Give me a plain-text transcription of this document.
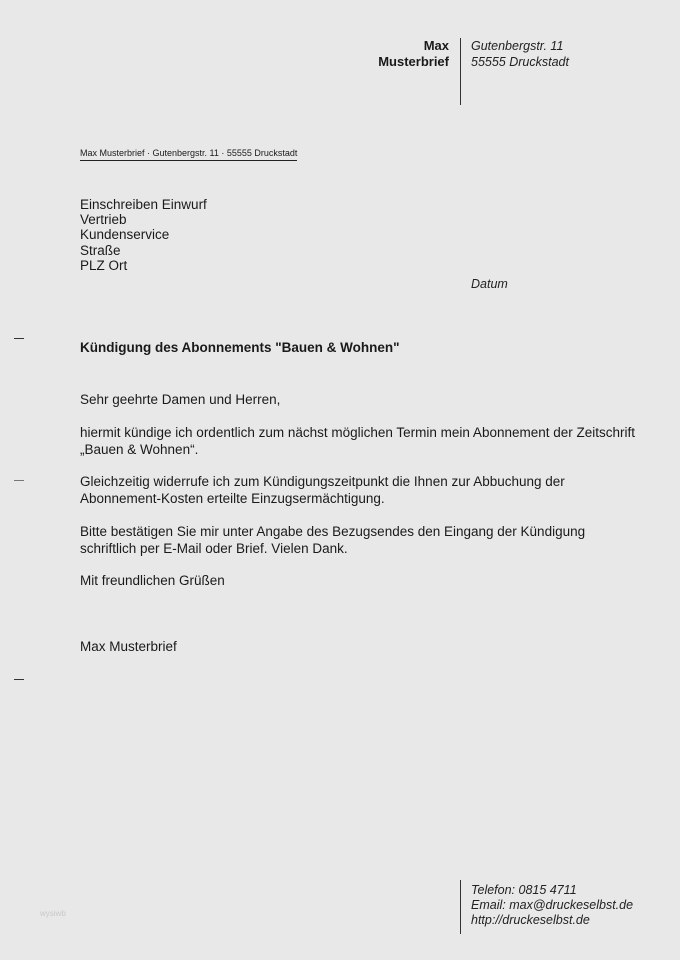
Max
Musterbrief
Gutenbergstr. 11
55555 Druckstadt
Max Musterbrief · Gutenbergstr. 11 · 55555 Druckstadt
Einschreiben Einwurf
Vertrieb
Kundenservice
Straße
PLZ Ort
Datum
Kündigung des Abonnements "Bauen & Wohnen"
Sehr geehrte Damen und Herren,
hiermit kündige ich ordentlich zum nächst möglichen Termin mein Abonnement der Zeitschrift „Bauen & Wohnen“.
Gleichzeitig widerrufe ich zum Kündigungszeitpunkt die Ihnen zur Abbuchung der Abonnement-Kosten erteilte Einzugsermächtigung.
Bitte bestätigen Sie mir unter Angabe des Bezugsendes den Eingang der Kündigung schriftlich per E-Mail oder Brief. Vielen Dank.
Mit freundlichen Grüßen
Max Musterbrief
wysiwb
Telefon: 0815 4711
Email: max@druckeselbst.de
http://druckeselbst.de
